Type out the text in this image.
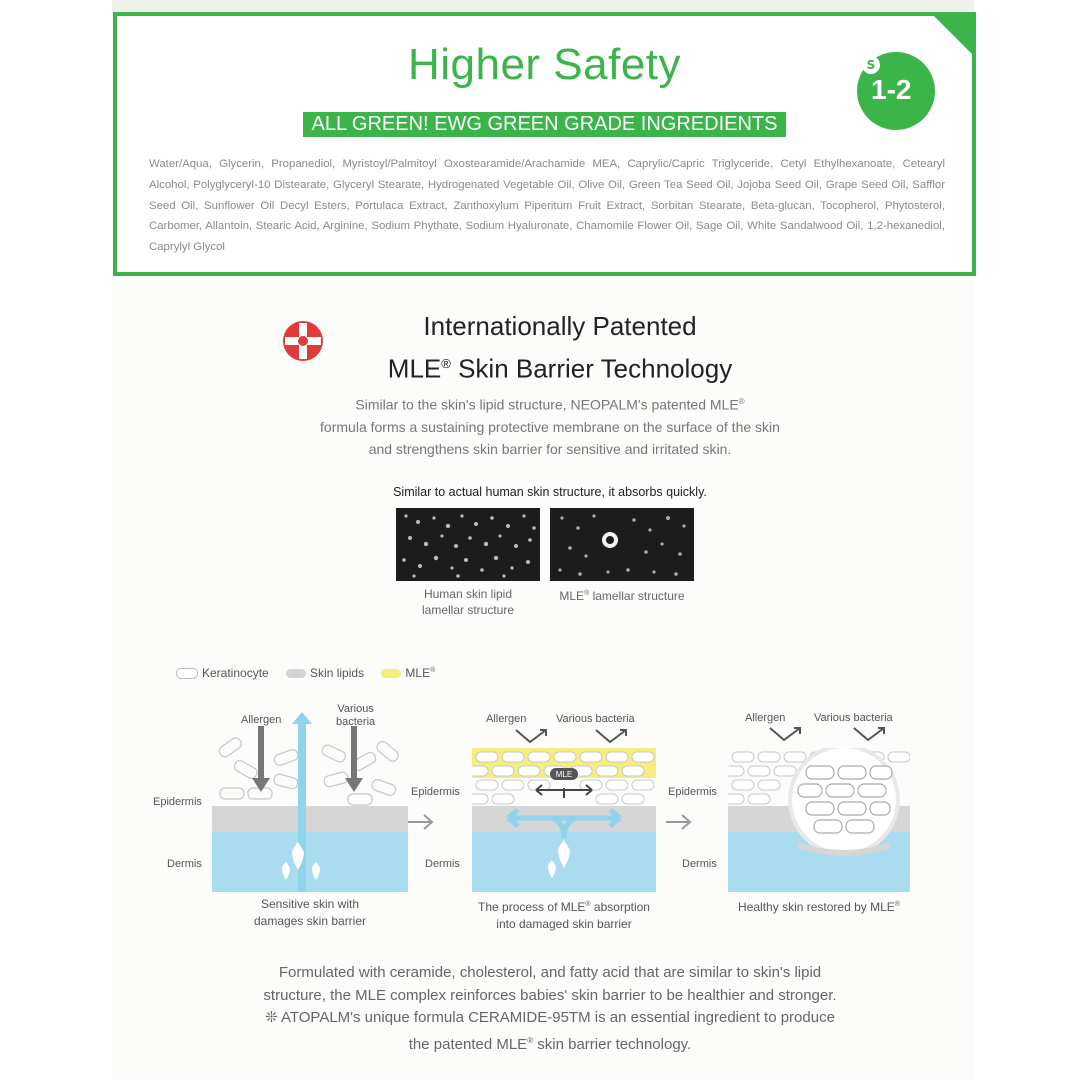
Higher Safety	S
1-2
ALL GREEN! EWG GREEN GRADE INGREDIENTS
Water/Aqua, Glycerin, Propanediol, Myristoyl/Palmitoyl Oxostearamide/Arachamide MEA, Caprylic/Capric Triglyceride, Cetyl Ethylhexanoate, Cetearyl Alcohol, Polyglyceryl-10 Distearate, Glyceryl Stearate, Hydrogenated Vegetable Oil, Olive Oil, Green Tea Seed Oil, Jojoba Seed Oil, Grape Seed Oil, Safflor Seed Oil, Sunflower Oil Decyl Esters, Portulaca Extract, Zanthoxylum Piperitum Fruit Extract, Sorbitan Stearate, Beta-glucan, Tocopherol, Phytosterol, Carbomer, Allantoin, Stearic Acid, Arginine, Sodium Phythate, Sodium Hyaluronate, Chamomile Flower Oil, Sage Oil, White Sandalwood Oil, 1,2-hexanediol, Caprylyl Glycol
Internationally Patented
MLE® Skin Barrier Technology
Similar to the skin's lipid structure, NEOPALM's patented MLE®
formula forms a sustaining protective membrane on the surface of the skin
and strengthens skin barrier for sensitive and irritated skin.
Similar to actual human skin structure, it absorbs quickly.
Human skin lipid
lamellar structure
MLE® lamellar structure
Keratinocyte	Skin lipids	MLE®
Allergen
Various
bacteria
Epidermis
Dermis
Sensitive skin with
damages skin barrier
MLE
Allergen	Various bacteria
Epidermis
Dermis
The process of MLE® absorption
into damaged skin barrier
Allergen	Various bacteria
Epidermis
Dermis
Healthy skin restored by MLE®
Formulated with ceramide, cholesterol, and fatty acid that are similar to skin's lipid
structure, the MLE complex reinforces babies' skin barrier to be healthier and stronger.
❊ ATOPALM's unique formula CERAMIDE-95TM is an essential ingredient to produce
the patented MLE® skin barrier technology.
